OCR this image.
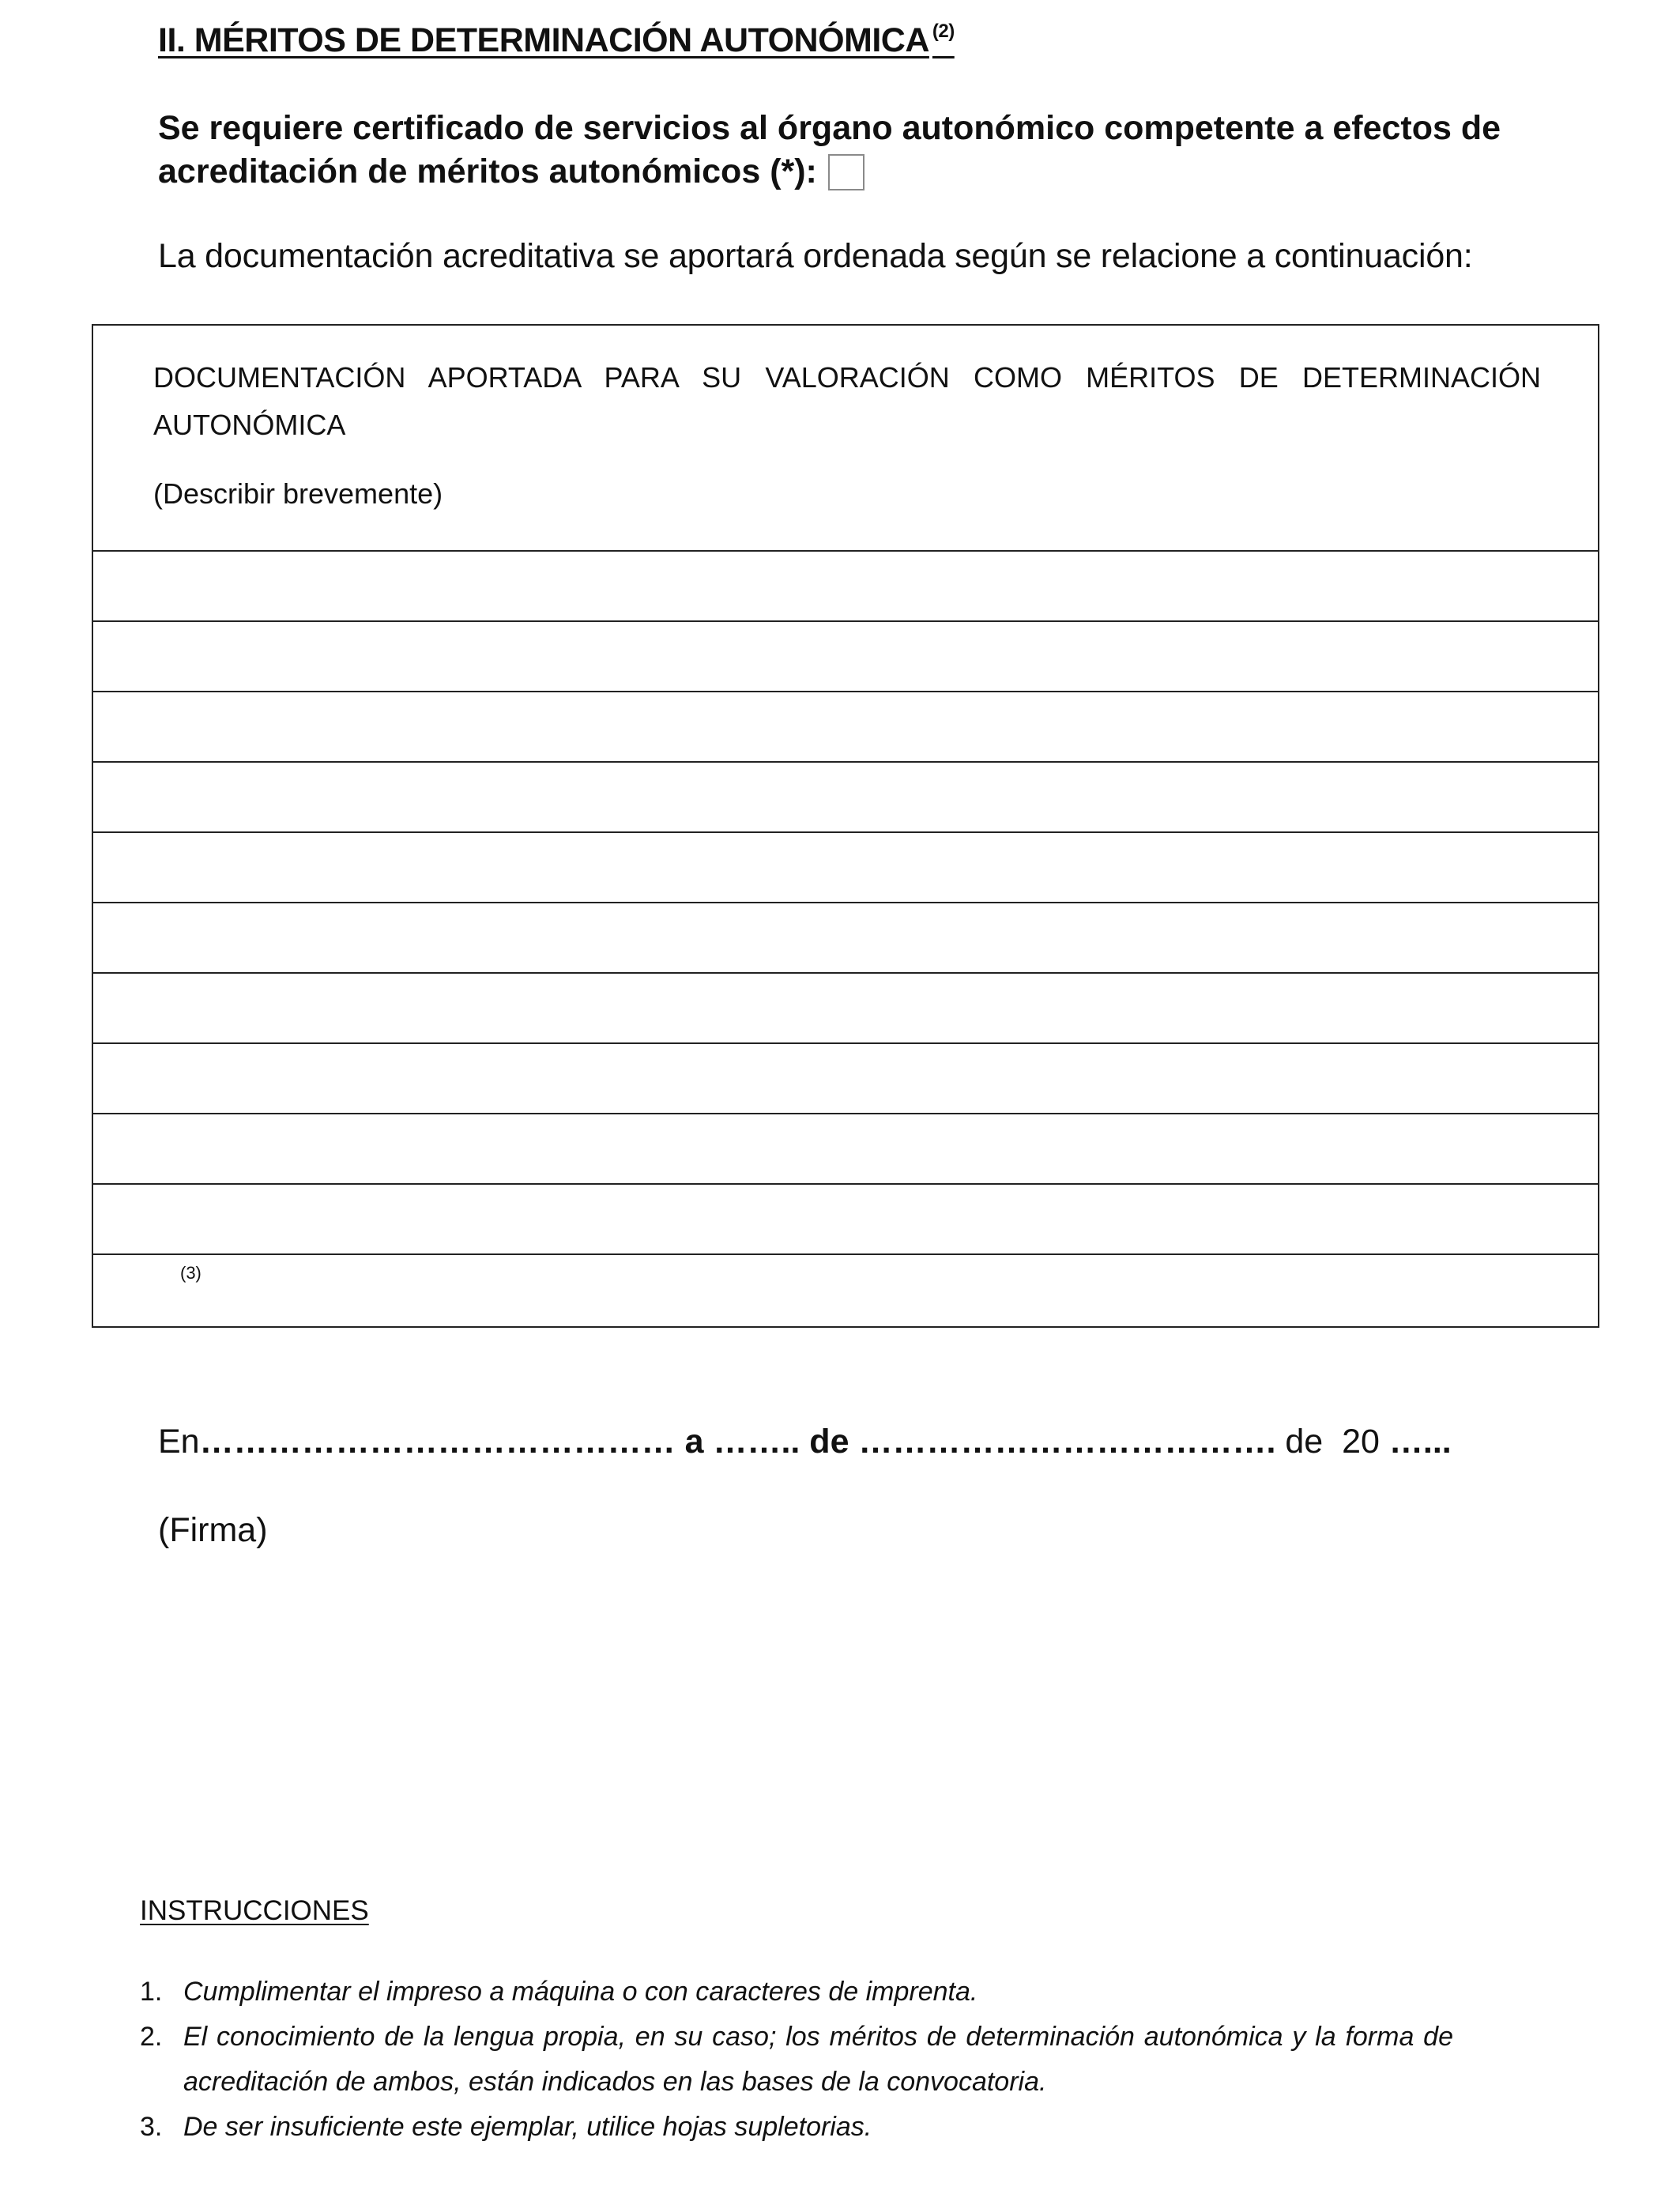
II. MÉRITOS DE DETERMINACIÓN AUTONÓMICA $^{(2)}$
Se requiere certificado de servicios al órgano autonómico competente a efectos de
acreditación de méritos autonómicos (*):
La documentación acreditativa se aportará ordenada según se relacione a continuación:
DOCUMENTACIÓN APORTADA PARA SU VALORACIÓN COMO MÉRITOS DE DETERMINACIÓN
AUTONÓMICA
(Describir brevemente)
(3)
En…………………………………… a …….. de ………………………………. de 20 …...
(Firma)
INSTRUCCIONES
1. Cumplimentar el impreso a máquina o con caracteres de imprenta.
2. El conocimiento de la lengua propia, en su caso; los méritos de determinación autonómica y la forma de acreditación de ambos, están indicados en las bases de la convocatoria.
3. De ser insuficiente este ejemplar, utilice hojas supletorias.
